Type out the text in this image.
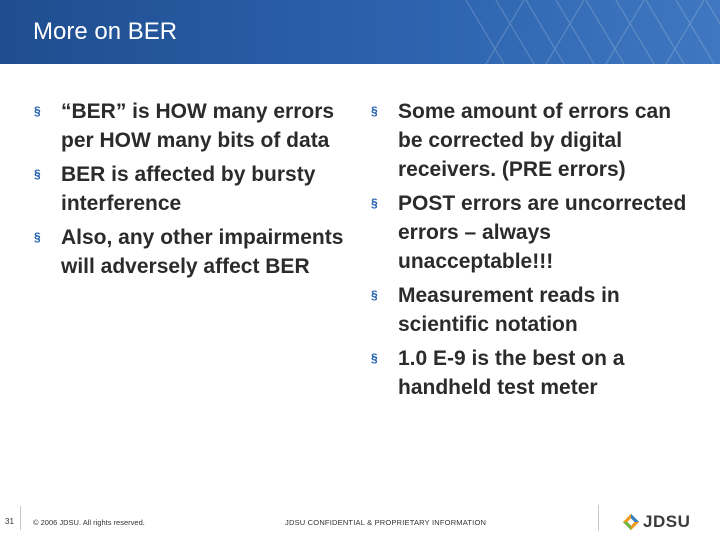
More on BER

§ “BER” is HOW many errors per HOW many bits of data

§ BER is affected by bursty interference

§ Also, any other impairments will adversely affect BER

§ Some amount of errors can be corrected by digital receivers. (PRE errors)

§ POST errors are uncorrected errors – always unacceptable!!!

§ Measurement reads in scientific notation

§ 1.0 E-9 is the best on a handheld test meter

31	© 2006 JDSU. All rights reserved.	JDSU CONFIDENTIAL & PROPRIETARY INFORMATION	JDSU
